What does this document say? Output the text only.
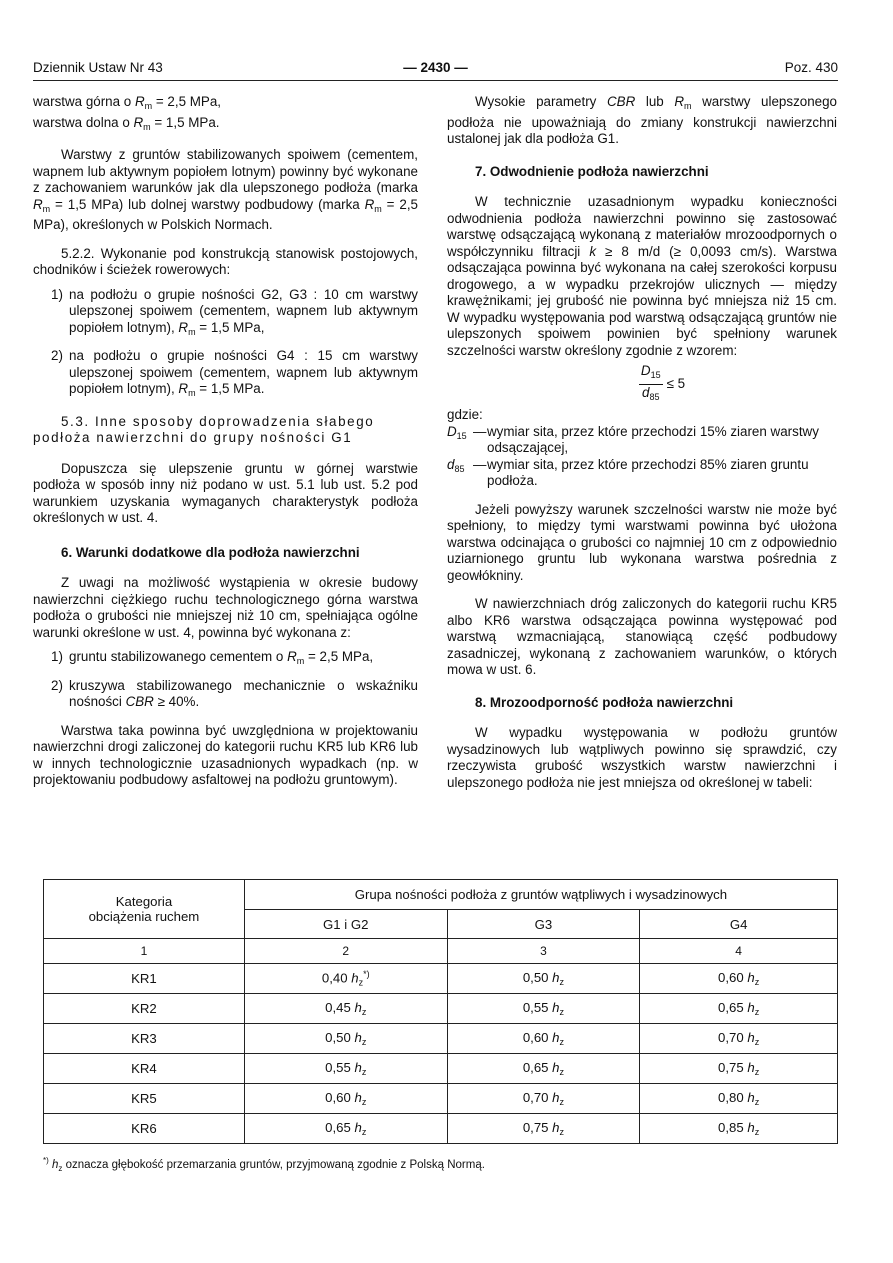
Dziennik Ustaw Nr 43	— 2430 —	Poz. 430
warstwa górna o $R_m = 2,5$ MPa,
warstwa dolna o $R_m = 1,5$ MPa.

Warstwy z gruntów stabilizowanych spoiwem (cementem, wapnem lub aktywnym popiołem lotnym) powinny być wykonane z zachowaniem warunków jak dla ulepszonego podłoża (marka $R_m = 1,5$ MPa) lub dolnej warstwy podbudowy (marka $R_m = 2,5$ MPa), określonych w Polskich Normach.

5.2.2. Wykonanie pod konstrukcją stanowisk postojowych, chodników i ścieżek rowerowych:

1) na podłożu o grupie nośności G2, G3 : 10 cm warstwy ulepszonej spoiwem (cementem, wapnem lub aktywnym popiołem lotnym), $R_m = 1,5$ MPa,
2) na podłożu o grupie nośności G4 : 15 cm warstwy ulepszonej spoiwem (cementem, wapnem lub aktywnym popiołem lotnym), $R_m = 1,5$ MPa.

5.3. Inne sposoby doprowadzenia słabego podłoża nawierzchni do grupy nośności G1

Dopuszcza się ulepszenie gruntu w górnej warstwie podłoża w sposób inny niż podano w ust. 5.1 lub ust. 5.2 pod warunkiem uzyskania wymaganych charakterystyk podłoża określonych w ust. 4.

6. Warunki dodatkowe dla podłoża nawierzchni

Z uwagi na możliwość wystąpienia w okresie budowy nawierzchni ciężkiego ruchu technologicznego górna warstwa podłoża o grubości nie mniejszej niż 10 cm, spełniająca ogólne warunki określone w ust. 4, powinna być wykonana z:

1) gruntu stabilizowanego cementem o $R_m = 2,5$ MPa,
2) kruszywa stabilizowanego mechanicznie o wskaźniku nośności CBR ≥ 40%.

Warstwa taka powinna być uwzględniona w projektowaniu nawierzchni drogi zaliczonej do kategorii ruchu KR5 lub KR6 lub w innych technologicznie uzasadnionych wypadkach (np. w projektowaniu podbudowy asfaltowej na podłożu gruntowym).

Wysokie parametry CBR lub $R_m$ warstwy ulepszonego podłoża nie upoważniają do zmiany konstrukcji nawierzchni ustalonej jak dla podłoża G1.

7. Odwodnienie podłoża nawierzchni

W technicznie uzasadnionym wypadku konieczności odwodnienia podłoża nawierzchni powinno się zastosować warstwę odsączającą wykonaną z materiałów mrozoodpornych o współczynniku filtracji k ≥ 8 m/d (≥ 0,0093 cm/s). Warstwa odsączająca powinna być wykonana na całej szerokości korpusu drogowego, a w wypadku przekrojów ulicznych — między krawężnikami; jej grubość nie powinna być mniejsza niż 15 cm. W wypadku występowania pod warstwą odsączającą gruntów nie ulepszonych spoiwem powinien być spełniony warunek szczelności warstw określony zgodnie z wzorem:

$\frac{D_{15}}{d_{85}} \le 5$
gdzie:
$D_{15}$ — wymiar sita, przez które przechodzi 15% ziaren warstwy odsączającej,
$d_{85}$ — wymiar sita, przez które przechodzi 85% ziaren gruntu podłoża.

Jeżeli powyższy warunek szczelności warstw nie może być spełniony, to między tymi warstwami powinna być ułożona warstwa odcinająca o grubości co najmniej 10 cm z odpowiednio uziarnionego gruntu lub wykonana warstwa pośrednia z geowłókniny.

W nawierzchniach dróg zaliczonych do kategorii ruchu KR5 albo KR6 warstwa odsączająca powinna występować pod warstwą wzmacniającą, stanowiącą część podbudowy zasadniczej, wykonaną z zachowaniem warunków, o których mowa w ust. 6.

8. Mrozoodporność podłoża nawierzchni

W wypadku występowania w podłożu gruntów wysadzinowych lub wątpliwych powinno się sprawdzić, czy rzeczywista grubość wszystkich warstw nawierzchni i ulepszonego podłoża nie jest mniejsza od określonej w tabeli:

Kategoria obciążenia ruchem	Grupa nośności podłoża z gruntów wątpliwych i wysadzinowych		
	G1 i G2	G3	G4
1	2	3	4
KR1	0,40 $h_z^{*)}$	0,50 $h_z$	0,60 $h_z$
KR2	0,45 $h_z$	0,55 $h_z$	0,65 $h_z$
KR3	0,50 $h_z$	0,60 $h_z$	0,70 $h_z$
KR4	0,55 $h_z$	0,65 $h_z$	0,75 $h_z$
KR5	0,60 $h_z$	0,70 $h_z$	0,80 $h_z$
KR6	0,65 $h_z$	0,75 $h_z$	0,85 $h_z$
*) $h_z$ oznacza głębokość przemarzania gruntów, przyjmowaną zgodnie z Polską Normą.
